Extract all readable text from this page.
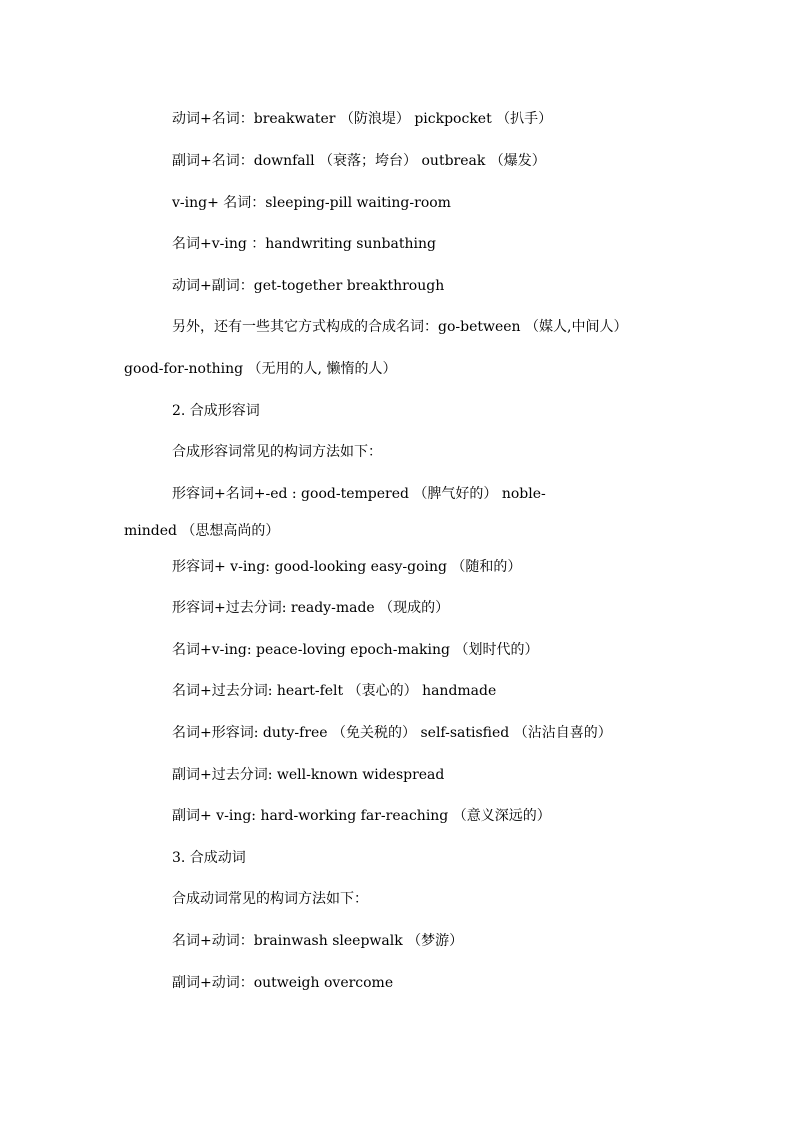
动词+名词：breakwater （防浪堤） pickpocket （扒手）
副词+名词：downfall （衰落；垮台） outbreak （爆发）
v-ing+ 名词：sleeping-pill waiting-room
名词+v-ing ：handwriting sunbathing
动词+副词：get-together breakthrough
另外，还有一些其它方式构成的合成名词：go-between （媒人,中间人）
good-for-nothing （无用的人, 懒惰的人）
2. 合成形容词
合成形容词常见的构词方法如下：
形容词+名词+-ed : good-tempered （脾气好的） noble-
minded （思想高尚的）
形容词+ v-ing: good-looking easy-going （随和的）
形容词+过去分词: ready-made （现成的）
名词+v-ing: peace-loving epoch-making （划时代的）
名词+过去分词: heart-felt （衷心的） handmade
名词+形容词: duty-free （免关税的） self-satisfied （沾沾自喜的）
副词+过去分词: well-known widespread
副词+ v-ing: hard-working far-reaching （意义深远的）
3. 合成动词
合成动词常见的构词方法如下：
名词+动词：brainwash sleepwalk （梦游）
副词+动词：outweigh overcome
